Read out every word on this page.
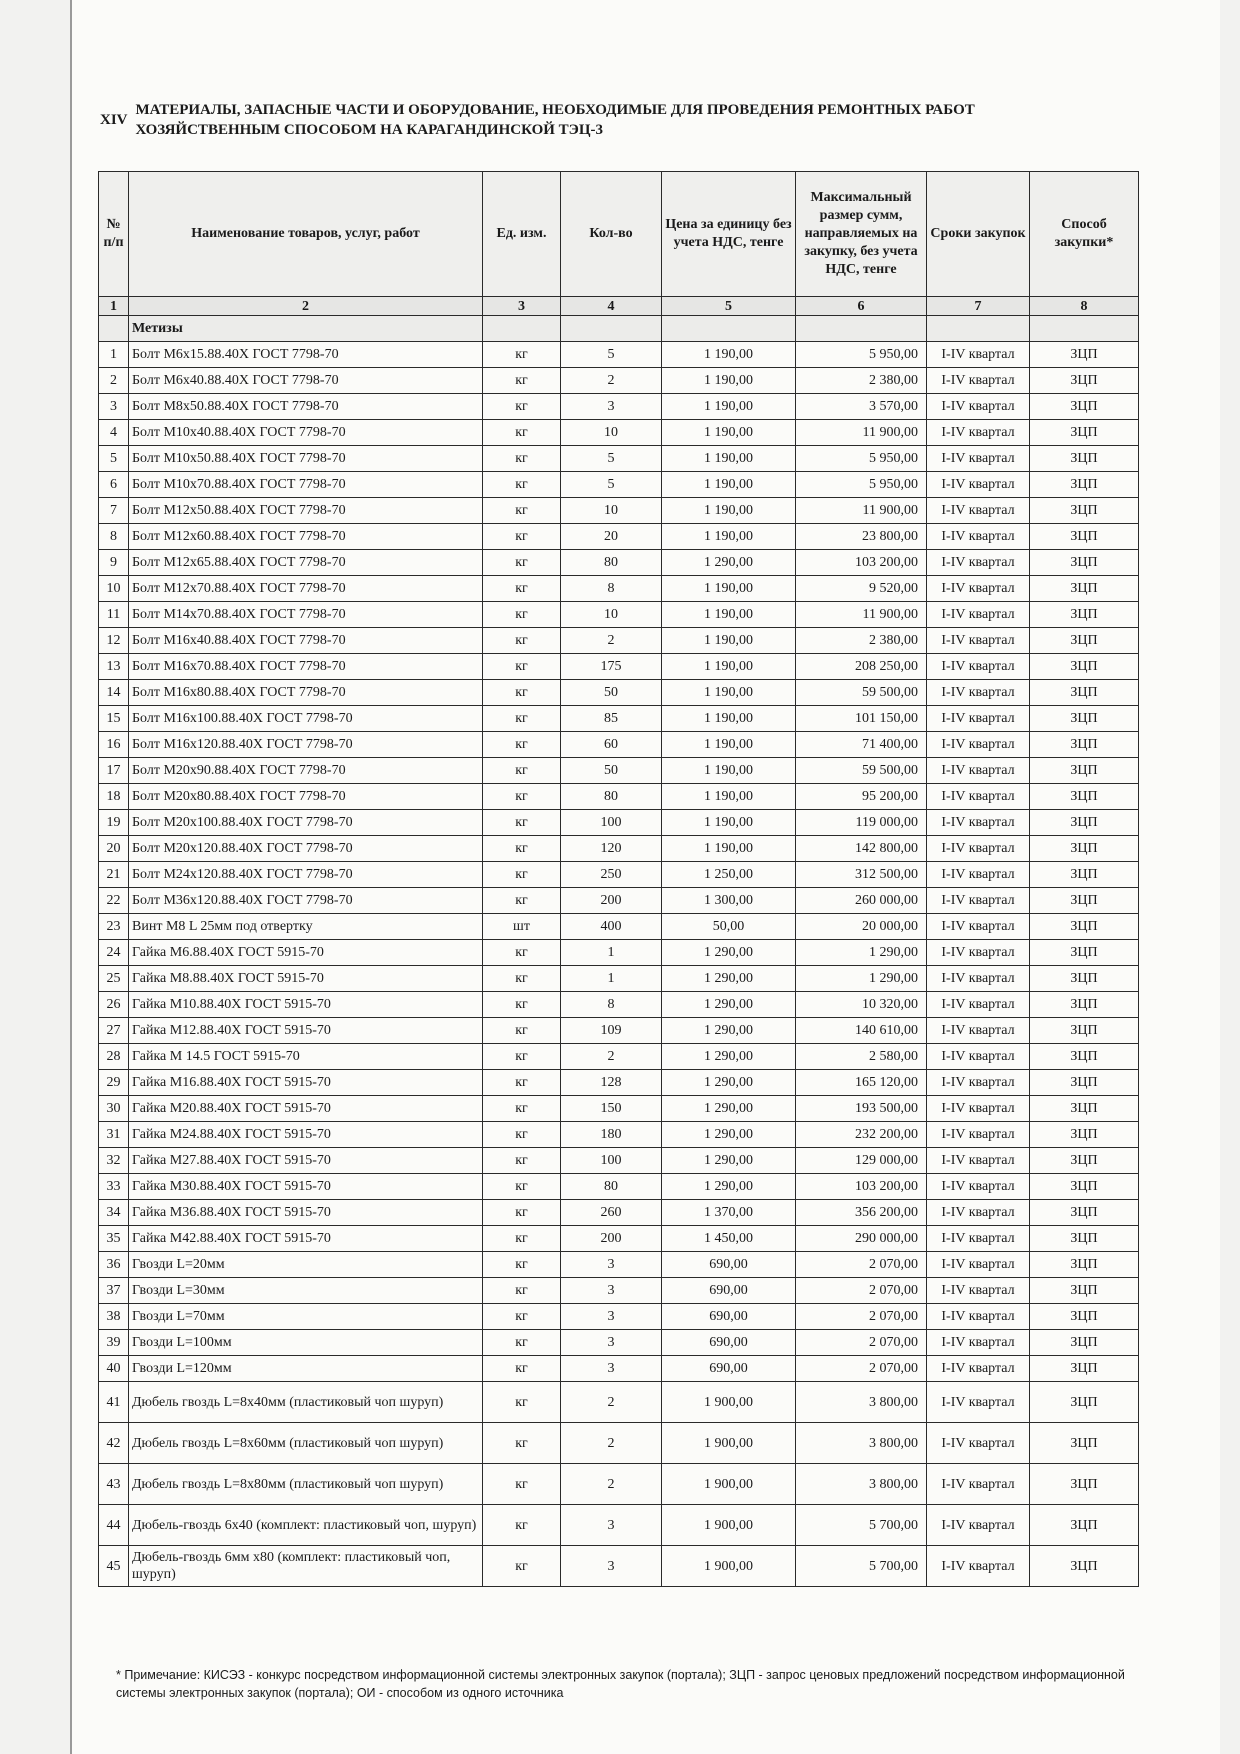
XIV
МАТЕРИАЛЫ, ЗАПАСНЫЕ ЧАСТИ И ОБОРУДОВАНИЕ, НЕОБХОДИМЫЕ ДЛЯ ПРОВЕДЕНИЯ РЕМОНТНЫХ РАБОТ
ХОЗЯЙСТВЕННЫМ СПОСОБОМ НА КАРАГАНДИНСКОЙ ТЭЦ-3
№ п/п	Наименование товаров, услуг, работ	Ед. изм.	Кол-во	Цена за единицу без учета НДС, тенге	Максимальный размер сумм, направляемых на закупку, без учета НДС, тенге	Сроки закупок	Способ закупки*
1	2	3	4	5	6	7	8
	Метизы						
1	Болт М6х15.88.40Х ГОСТ 7798-70	кг	5	1 190,00	5 950,00	I-IV квартал	ЗЦП
2	Болт М6х40.88.40Х ГОСТ 7798-70	кг	2	1 190,00	2 380,00	I-IV квартал	ЗЦП
3	Болт М8х50.88.40Х ГОСТ 7798-70	кг	3	1 190,00	3 570,00	I-IV квартал	ЗЦП
4	Болт М10х40.88.40Х ГОСТ 7798-70	кг	10	1 190,00	11 900,00	I-IV квартал	ЗЦП
5	Болт М10х50.88.40Х ГОСТ 7798-70	кг	5	1 190,00	5 950,00	I-IV квартал	ЗЦП
6	Болт М10х70.88.40Х ГОСТ 7798-70	кг	5	1 190,00	5 950,00	I-IV квартал	ЗЦП
7	Болт М12х50.88.40Х ГОСТ 7798-70	кг	10	1 190,00	11 900,00	I-IV квартал	ЗЦП
8	Болт М12х60.88.40Х ГОСТ 7798-70	кг	20	1 190,00	23 800,00	I-IV квартал	ЗЦП
9	Болт М12х65.88.40Х ГОСТ 7798-70	кг	80	1 290,00	103 200,00	I-IV квартал	ЗЦП
10	Болт М12х70.88.40Х ГОСТ 7798-70	кг	8	1 190,00	9 520,00	I-IV квартал	ЗЦП
11	Болт М14х70.88.40Х ГОСТ 7798-70	кг	10	1 190,00	11 900,00	I-IV квартал	ЗЦП
12	Болт М16х40.88.40Х ГОСТ 7798-70	кг	2	1 190,00	2 380,00	I-IV квартал	ЗЦП
13	Болт М16х70.88.40Х ГОСТ 7798-70	кг	175	1 190,00	208 250,00	I-IV квартал	ЗЦП
14	Болт М16х80.88.40Х ГОСТ 7798-70	кг	50	1 190,00	59 500,00	I-IV квартал	ЗЦП
15	Болт М16х100.88.40Х ГОСТ 7798-70	кг	85	1 190,00	101 150,00	I-IV квартал	ЗЦП
16	Болт М16х120.88.40Х ГОСТ 7798-70	кг	60	1 190,00	71 400,00	I-IV квартал	ЗЦП
17	Болт М20х90.88.40Х ГОСТ 7798-70	кг	50	1 190,00	59 500,00	I-IV квартал	ЗЦП
18	Болт М20х80.88.40Х ГОСТ 7798-70	кг	80	1 190,00	95 200,00	I-IV квартал	ЗЦП
19	Болт М20х100.88.40Х ГОСТ 7798-70	кг	100	1 190,00	119 000,00	I-IV квартал	ЗЦП
20	Болт М20х120.88.40Х ГОСТ 7798-70	кг	120	1 190,00	142 800,00	I-IV квартал	ЗЦП
21	Болт М24х120.88.40Х ГОСТ 7798-70	кг	250	1 250,00	312 500,00	I-IV квартал	ЗЦП
22	Болт М36х120.88.40Х ГОСТ 7798-70	кг	200	1 300,00	260 000,00	I-IV квартал	ЗЦП
23	Винт М8 L 25мм под отвертку	шт	400	50,00	20 000,00	I-IV квартал	ЗЦП
24	Гайка М6.88.40Х ГОСТ 5915-70	кг	1	1 290,00	1 290,00	I-IV квартал	ЗЦП
25	Гайка М8.88.40Х ГОСТ 5915-70	кг	1	1 290,00	1 290,00	I-IV квартал	ЗЦП
26	Гайка М10.88.40Х ГОСТ 5915-70	кг	8	1 290,00	10 320,00	I-IV квартал	ЗЦП
27	Гайка М12.88.40Х ГОСТ 5915-70	кг	109	1 290,00	140 610,00	I-IV квартал	ЗЦП
28	Гайка М 14.5 ГОСТ 5915-70	кг	2	1 290,00	2 580,00	I-IV квартал	ЗЦП
29	Гайка М16.88.40Х ГОСТ 5915-70	кг	128	1 290,00	165 120,00	I-IV квартал	ЗЦП
30	Гайка М20.88.40Х ГОСТ 5915-70	кг	150	1 290,00	193 500,00	I-IV квартал	ЗЦП
31	Гайка М24.88.40Х ГОСТ 5915-70	кг	180	1 290,00	232 200,00	I-IV квартал	ЗЦП
32	Гайка М27.88.40Х ГОСТ 5915-70	кг	100	1 290,00	129 000,00	I-IV квартал	ЗЦП
33	Гайка М30.88.40Х ГОСТ 5915-70	кг	80	1 290,00	103 200,00	I-IV квартал	ЗЦП
34	Гайка М36.88.40Х ГОСТ 5915-70	кг	260	1 370,00	356 200,00	I-IV квартал	ЗЦП
35	Гайка М42.88.40Х ГОСТ 5915-70	кг	200	1 450,00	290 000,00	I-IV квартал	ЗЦП
36	Гвозди L=20мм	кг	3	690,00	2 070,00	I-IV квартал	ЗЦП
37	Гвозди L=30мм	кг	3	690,00	2 070,00	I-IV квартал	ЗЦП
38	Гвозди L=70мм	кг	3	690,00	2 070,00	I-IV квартал	ЗЦП
39	Гвозди L=100мм	кг	3	690,00	2 070,00	I-IV квартал	ЗЦП
40	Гвозди L=120мм	кг	3	690,00	2 070,00	I-IV квартал	ЗЦП
41	Дюбель гвоздь L=8х40мм (пластиковый чоп шуруп)	кг	2	1 900,00	3 800,00	I-IV квартал	ЗЦП
42	Дюбель гвоздь L=8х60мм (пластиковый чоп шуруп)	кг	2	1 900,00	3 800,00	I-IV квартал	ЗЦП
43	Дюбель гвоздь L=8х80мм (пластиковый чоп шуруп)	кг	2	1 900,00	3 800,00	I-IV квартал	ЗЦП
44	Дюбель-гвоздь 6х40 (комплект: пластиковый чоп, шуруп)	кг	3	1 900,00	5 700,00	I-IV квартал	ЗЦП
45	Дюбель-гвоздь 6мм х80 (комплект: пластиковый чоп, шуруп)	кг	3	1 900,00	5 700,00	I-IV квартал	ЗЦП
* Примечание: КИСЭЗ - конкурс посредством информационной системы электронных закупок (портала); ЗЦП - запрос ценовых предложений посредством информационной системы электронных закупок (портала); ОИ - способом из одного источника
